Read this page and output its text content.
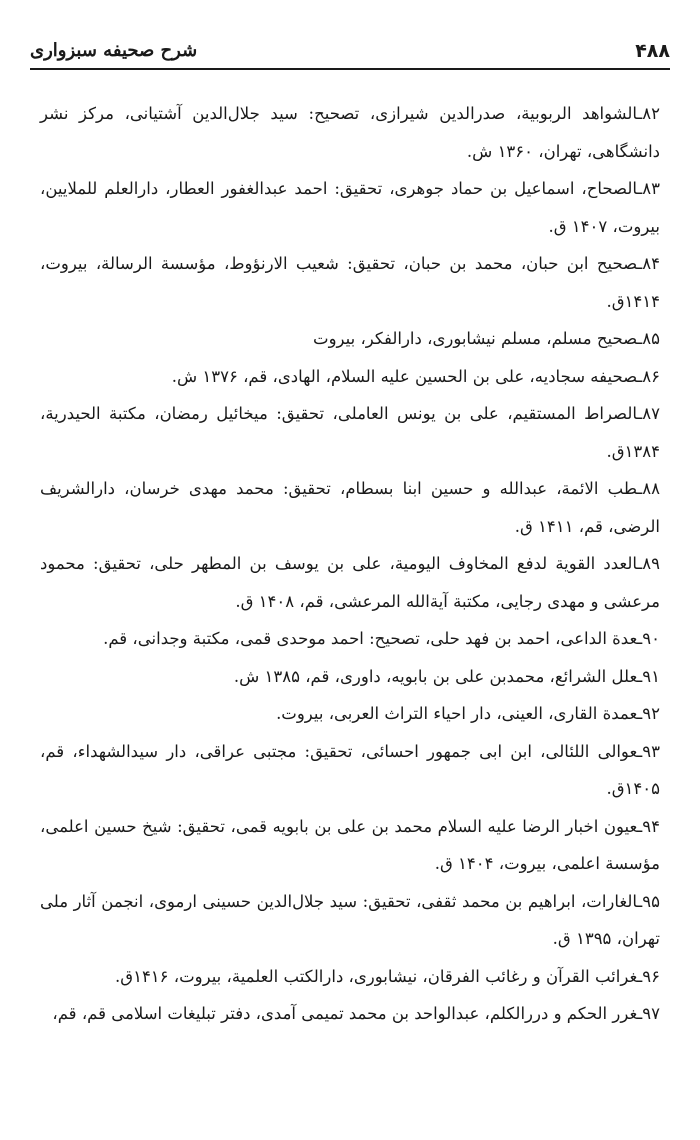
۴۸۸
شرح صحیفه سبزواری
۸۲ـالشواهد الربوبیة، صدرالدین شیرازی، تصحیح: سید جلال‌الدین آشتیانی، مرکز نشر دانشگاهی، تهران، ۱۳۶۰ ش.
۸۳ـالصحاح، اسماعیل بن حماد جوهری، تحقیق: احمد عبدالغفور العطار، دارالعلم للملایین، بیروت، ۱۴۰۷ ق.
۸۴ـصحیح ابن حبان، محمد بن حبان، تحقیق: شعیب الارنؤوط، مؤسسة الرسالة، بیروت، ۱۴۱۴ق.
۸۵ـصحیح مسلم، مسلم نیشابوری، دارالفکر، بیروت
۸۶ـصحیفه سجادیه، علی بن الحسین علیه السلام، الهادی، قم، ۱۳۷۶ ش.
۸۷ـالصراط المستقیم، علی بن یونس العاملی، تحقیق: میخائیل رمضان، مکتبة الحیدریة، ۱۳۸۴ق.
۸۸ـطب الائمة، عبدالله و حسین ابنا بسطام، تحقیق: محمد مهدی خرسان، دارالشریف الرضی، قم، ۱۴۱۱ ق.
۸۹ـالعدد القویة لدفع المخاوف الیومیة، علی بن یوسف بن المطهر حلی، تحقیق: محمود مرعشی و مهدی رجایی، مکتبة آیة‌الله المرعشی، قم، ۱۴۰۸ ق.
۹۰ـعدة الداعی، احمد بن فهد حلی، تصحیح: احمد موحدی قمی، مکتبة وجدانی، قم.
۹۱ـعلل الشرائع، محمدبن علی بن بابویه، داوری، قم، ۱۳۸۵ ش.
۹۲ـعمدة القاری، العینی، دار احیاء التراث العربی، بیروت.
۹۳ـعوالی اللئالی، ابن ابی جمهور احسائی، تحقیق: مجتبی عراقی، دار سیدالشهداء، قم، ۱۴۰۵ق.
۹۴ـعیون اخبار الرضا علیه السلام محمد بن علی بن بابویه قمی، تحقیق: شیخ حسین اعلمی، مؤسسة اعلمی، بیروت، ۱۴۰۴ ق.
۹۵ـالغارات، ابراهیم بن محمد ثقفی، تحقیق: سید جلال‌الدین حسینی ارموی، انجمن آثار ملی تهران، ۱۳۹۵ ق.
۹۶ـغرائب القرآن و رغائب الفرقان، نیشابوری، دارالکتب العلمیة، بیروت، ۱۴۱۶ق.
۹۷ـغرر الحکم و دررالکلم، عبدالواحد بن محمد تمیمی آمدی، دفتر تبلیغات اسلامی قم، قم،
